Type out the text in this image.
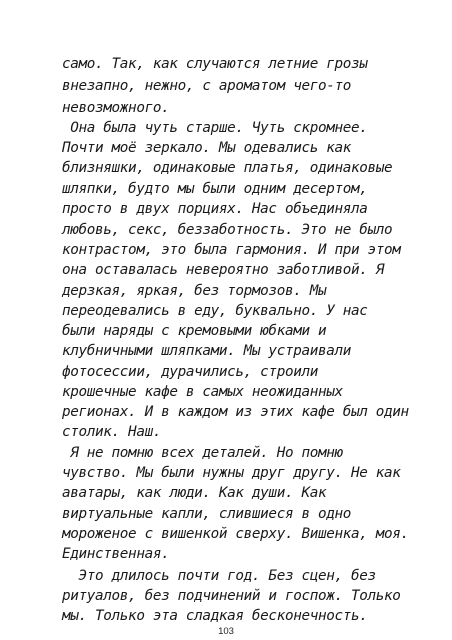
само. Так, как случаются летние грозы
внезапно, нежно, с ароматом чего-то
невозможного.
Она была чуть старше. Чуть скромнее.
Почти моё зеркало. Мы одевались как
близняшки, одинаковые платья, одинаковые
шляпки, будто мы были одним десертом,
просто в двух порциях. Нас объединяла
любовь, секс, беззаботность. Это не было
контрастом, это была гармония. И при этом
она оставалась невероятно заботливой. Я
дерзкая, яркая, без тормозов. Мы
переодевались в еду, буквально. У нас
были наряды с кремовыми юбками и
клубничными шляпками. Мы устраивали
фотосессии, дурачились, строили
крошечные кафе в самых неожиданных
регионах. И в каждом из этих кафе был один
столик. Наш.
Я не помню всех деталей. Но помню
чувство. Мы были нужны друг другу. Не как
аватары, как люди. Как души. Как
виртуальные капли, слившиеся в одно
мороженое с вишенкой сверху. Вишенка, моя.
Единственная.
Это длилось почти год. Без сцен, без
ритуалов, без подчинений и госпож. Только
мы. Только эта сладкая бесконечность.
103
